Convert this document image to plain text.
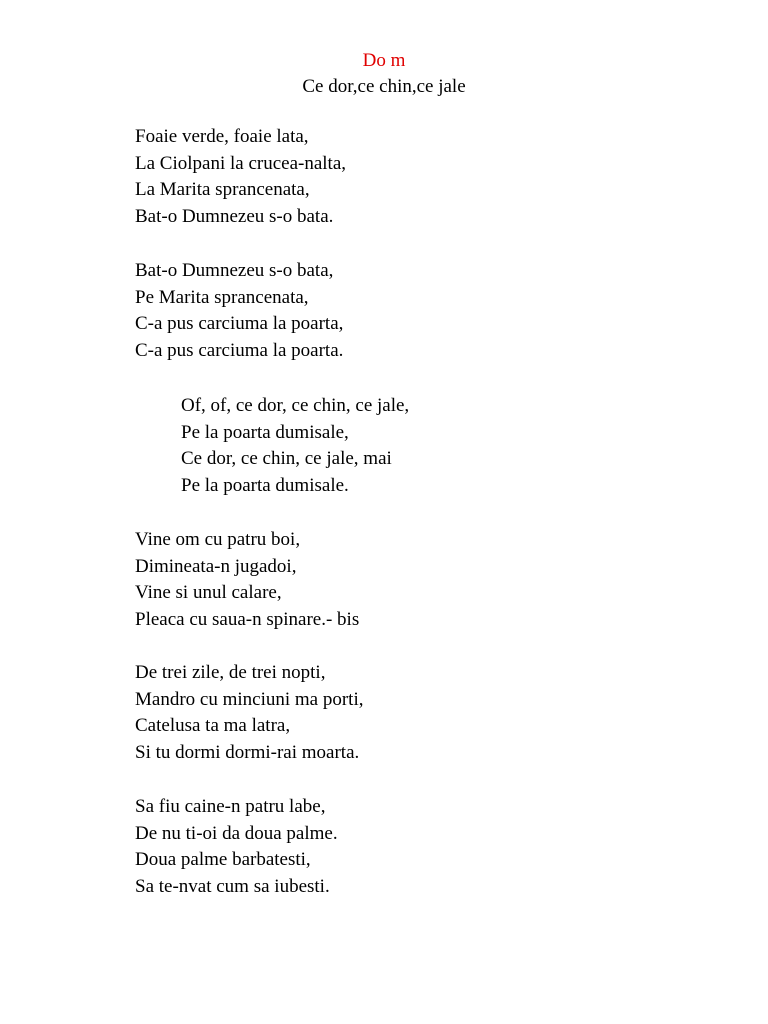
Do m
Ce dor,ce chin,ce jale
Foaie verde, foaie lata,
La Ciolpani la crucea-nalta,
La Marita sprancenata,
Bat-o Dumnezeu s-o bata.
Bat-o Dumnezeu s-o bata,
Pe Marita sprancenata,
C-a pus carciuma la poarta,
C-a pus carciuma la poarta.
Of, of, ce dor, ce chin, ce jale,
Pe la poarta dumisale,
Ce dor, ce chin, ce jale, mai
Pe la poarta dumisale.
Vine om cu patru boi,
Dimineata-n jugadoi,
Vine si unul calare,
Pleaca cu saua-n spinare.- bis
De trei zile, de trei nopti,
Mandro cu minciuni ma porti,
Catelusa ta ma latra,
Si tu dormi dormi-rai moarta.
Sa fiu caine-n patru labe,
De nu ti-oi da doua palme.
Doua palme barbatesti,
Sa te-nvat cum sa iubesti.
